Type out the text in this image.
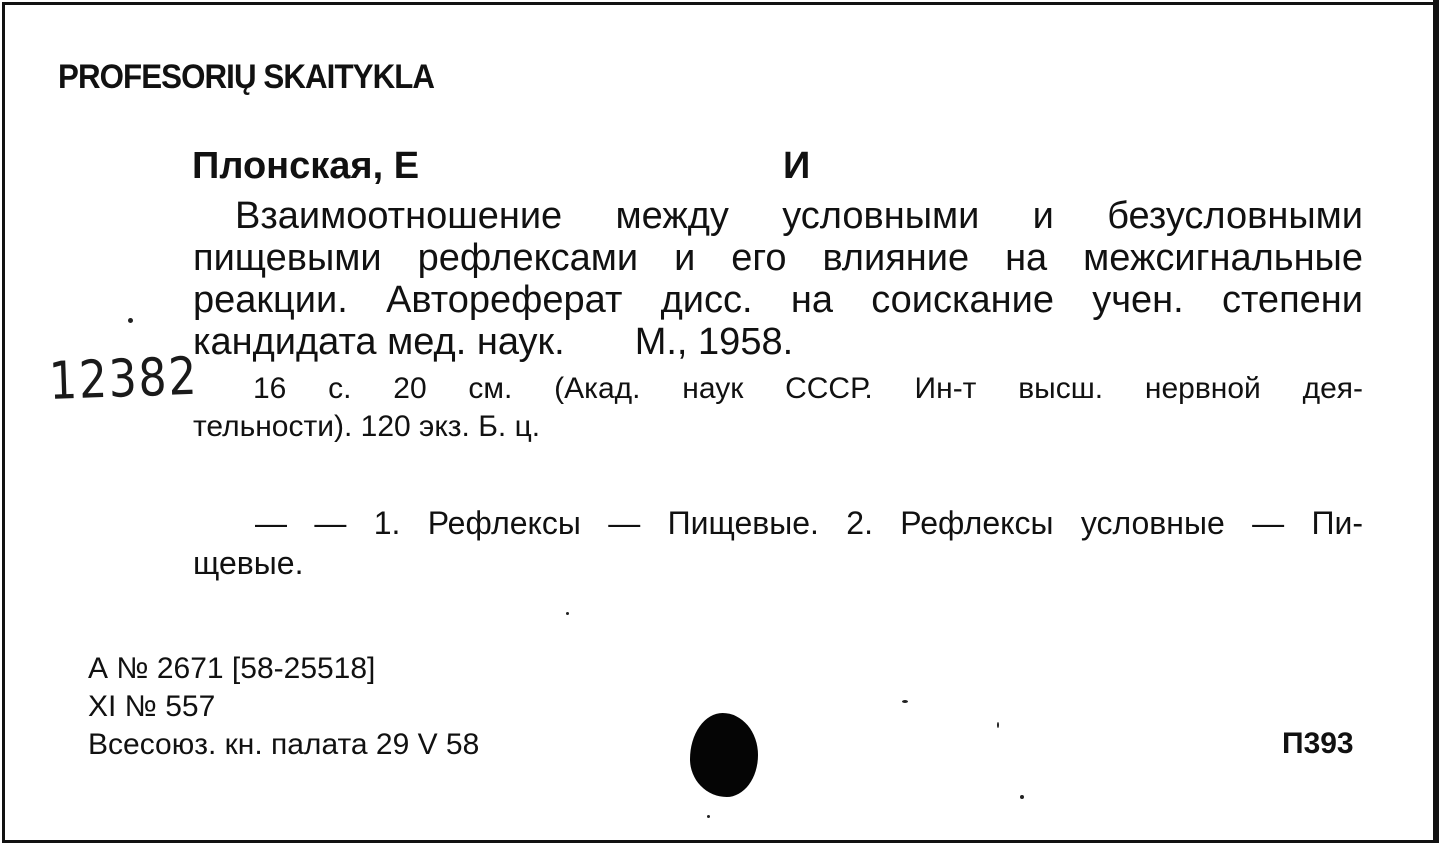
PROFESORIŲ SKAITYKLA
Плонская, Е	И
Взаимоотношение между условными и безусловными
пищевыми рефлексами и его влияние на межсигнальные
реакции. Автореферат дисс. на соискание учен. степени
кандидата мед. наук. М., 1958.
12382	16 с. 20 см. (Акад. наук СССР. Ин-т высш. нервной дея-
тельности). 120 экз. Б. ц.
— — 1. Рефлексы — Пищевые. 2. Рефлексы условные — Пи-
щевые.
А № 2671 [58-25518]
XI № 557
Всесоюз. кн. палата 29 V 58	П393
